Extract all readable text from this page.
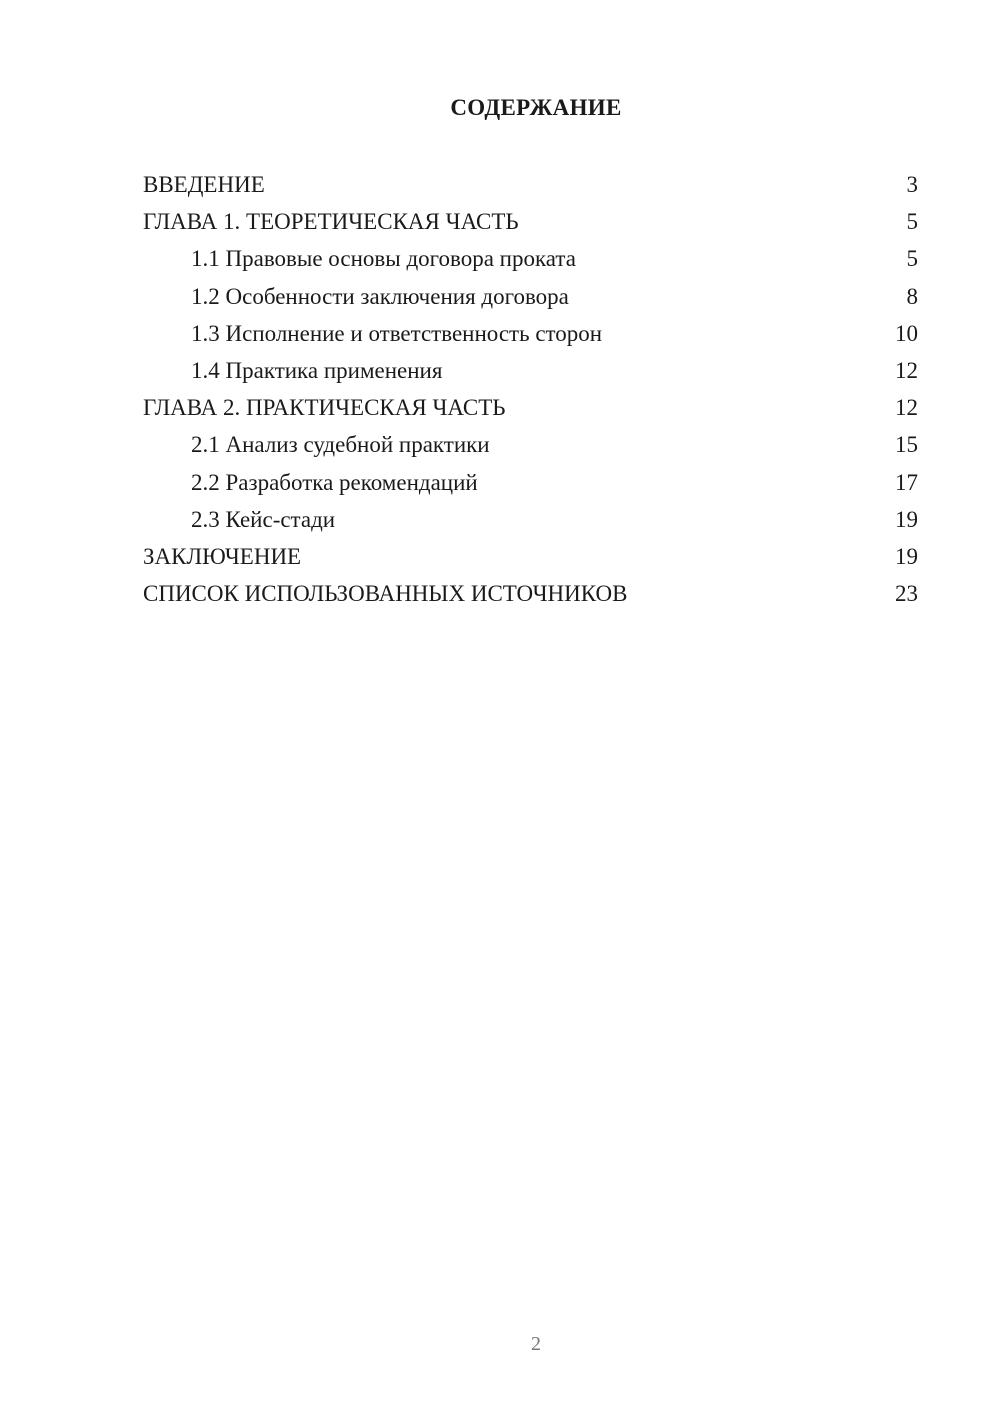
СОДЕРЖАНИЕ
ВВЕДЕНИЕ	3
ГЛАВА 1. ТЕОРЕТИЧЕСКАЯ ЧАСТЬ	5
1.1 Правовые основы договора проката	5
1.2 Особенности заключения договора	8
1.3 Исполнение и ответственность сторон	10
1.4 Практика применения	12
ГЛАВА 2. ПРАКТИЧЕСКАЯ ЧАСТЬ	12
2.1 Анализ судебной практики	15
2.2 Разработка рекомендаций	17
2.3 Кейс-стади	19
ЗАКЛЮЧЕНИЕ	19
СПИСОК ИСПОЛЬЗОВАННЫХ ИСТОЧНИКОВ	23
2
